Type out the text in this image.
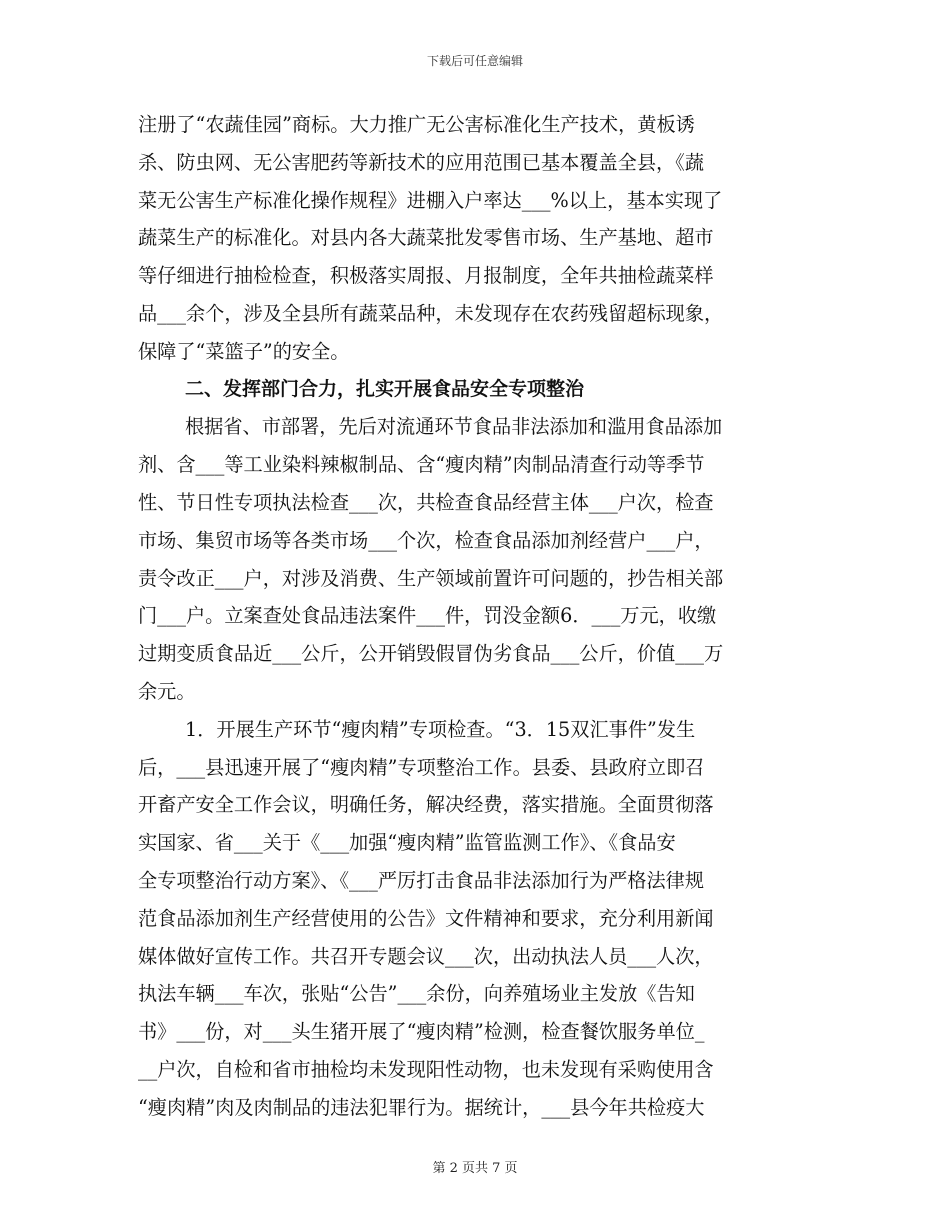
下载后可任意编辑
注册了“农蔬佳园”商标。大力推广无公害标准化生产技术，黄板诱
杀、防虫网、无公害肥药等新技术的应用范围已基本覆盖全县，《蔬
菜无公害生产标准化操作规程》进棚入户率达___%以上，基本实现了
蔬菜生产的标准化。对县内各大蔬菜批发零售市场、生产基地、超市
等仔细进行抽检检查，积极落实周报、月报制度，全年共抽检蔬菜样
品___余个，涉及全县所有蔬菜品种，未发现存在农药残留超标现象，
保障了“菜篮子”的安全。
二、发挥部门合力，扎实开展食品安全专项整治
根据省、市部署，先后对流通环节食品非法添加和滥用食品添加
剂、含___等工业染料辣椒制品、含“瘦肉精”肉制品清查行动等季节
性、节日性专项执法检查___次，共检查食品经营主体___户次，检查
市场、集贸市场等各类市场___个次，检查食品添加剂经营户___户，
责令改正___户，对涉及消费、生产领域前置许可问题的，抄告相关部
门___户。立案查处食品违法案件___件，罚没金额6．___万元，收缴
过期变质食品近___公斤，公开销毁假冒伪劣食品___公斤，价值___万
余元。
1．开展生产环节“瘦肉精”专项检查。“3．15双汇事件”发生
后，___县迅速开展了“瘦肉精”专项整治工作。县委、县政府立即召
开畜产安全工作会议，明确任务，解决经费，落实措施。全面贯彻落
实国家、省___关于《___加强“瘦肉精”监管监测工作》、《食品安
全专项整治行动方案》、《___严厉打击食品非法添加行为严格法律规
范食品添加剂生产经营使用的公告》文件精神和要求，充分利用新闻
媒体做好宣传工作。共召开专题会议___次，出动执法人员___人次，
执法车辆___车次，张贴“公告”___余份，向养殖场业主发放《告知
书》___份，对___头生猪开展了“瘦肉精”检测，检查餐饮服务单位_
__户次，自检和省市抽检均未发现阳性动物，也未发现有采购使用含
“瘦肉精”肉及肉制品的违法犯罪行为。据统计，___县今年共检疫大
第 2 页共 7 页
